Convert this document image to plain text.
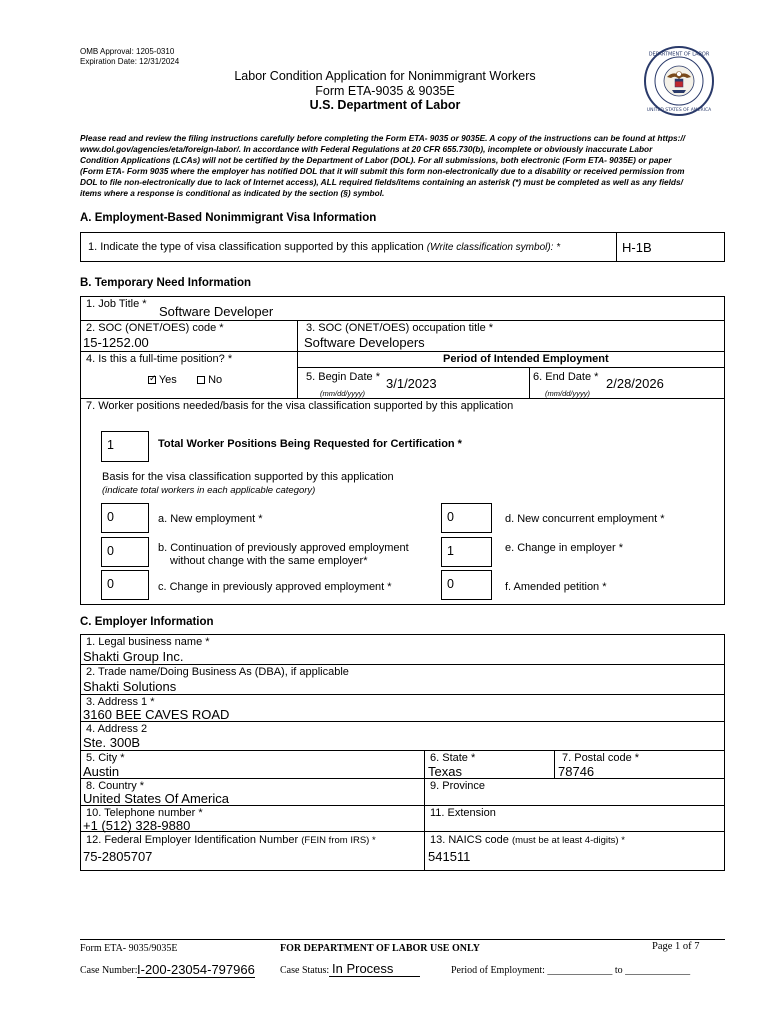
OMB Approval: 1205-0310
Expiration Date: 12/31/2024
Labor Condition Application for Nonimmigrant Workers
Form ETA-9035 & 9035E
U.S. Department of Labor
DEPARTMENT OF LABOR
UNITED STATES OF AMERICA
Please read and review the filing instructions carefully before completing the Form ETA- 9035 or 9035E. A copy of the instructions can be found at https://
www.dol.gov/agencies/eta/foreign-labor/. In accordance with Federal Regulations at 20 CFR 655.730(b), incomplete or obviously inaccurate Labor
Condition Applications (LCAs) will not be certified by the Department of Labor (DOL). For all submissions, both electronic (Form ETA- 9035E) or paper
(Form ETA- Form 9035 where the employer has notified DOL that it will submit this form non-electronically due to a disability or received permission from
DOL to file non-electronically due to lack of Internet access), ALL required fields/items containing an asterisk (*) must be completed as well as any fields/
items where a response is conditional as indicated by the section (§) symbol.
A. Employment-Based Nonimmigrant Visa Information
1. Indicate the type of visa classification supported by this application (Write classification symbol): *	H-1B
B. Temporary Need Information
1. Job Title * Software Developer
2. SOC (ONET/OES) code *
15-1252.00
3. SOC (ONET/OES) occupation title *
Software Developers
4. Is this a full-time position? *
✓ Yes	No
Period of Intended Employment
5. Begin Date * 3/1/2023
(mm/dd/yyyy)
6. End Date * 2/28/2026
(mm/dd/yyyy)
7. Worker positions needed/basis for the visa classification supported by this application
1	Total Worker Positions Being Requested for Certification *
Basis for the visa classification supported by this application
(indicate total workers in each applicable category)
0	a. New employment *
0	b. Continuation of previously approved employment
without change with the same employer*
0	c. Change in previously approved employment *
0	d. New concurrent employment *
1	e. Change in employer *
0	f. Amended petition *
C. Employer Information
1. Legal business name *
Shakti Group Inc.
2. Trade name/Doing Business As (DBA), if applicable
Shakti Solutions
3. Address 1 *
3160 BEE CAVES ROAD
4. Address 2
Ste. 300B
5. City *
Austin
6. State *
Texas
7. Postal code *
78746
8. Country *
United States Of America
9. Province
10. Telephone number *
+1 (512) 328-9880
11. Extension
12. Federal Employer Identification Number (FEIN from IRS) *
75-2805707
13. NAICS code (must be at least 4-digits) *
541511
Form ETA- 9035/9035E	FOR DEPARTMENT OF LABOR USE ONLY	Page 1 of 7
Case Number: I-200-23054-797966	Case Status: In Process	Period of Employment: _____________ to _____________
